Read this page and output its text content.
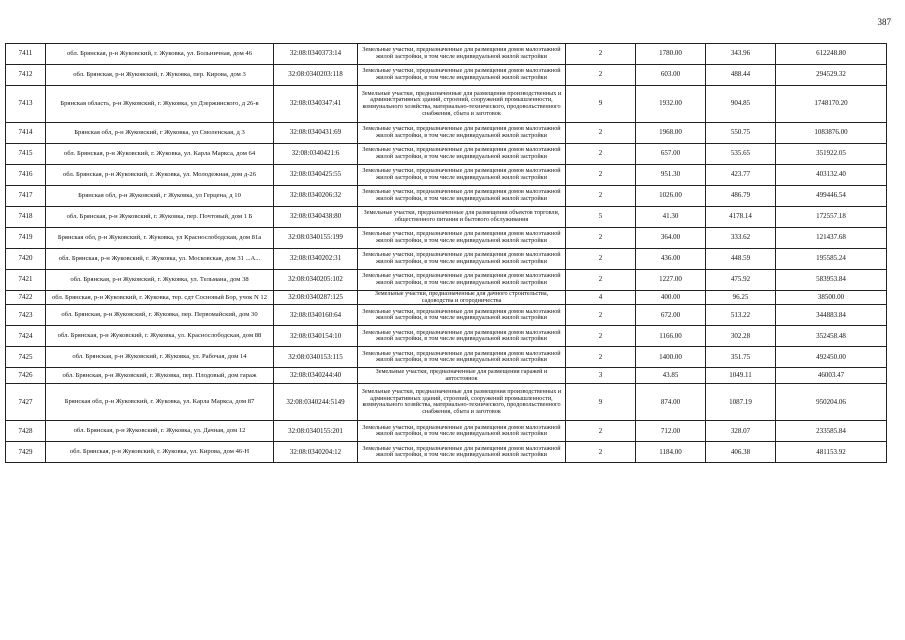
387
7411	обл. Брянская, р-н Жуковский, г. Жуковка, ул. Больничная, дом 46	32:08:0340373:14	Земельные участки, предназначенные для размещения домов малоэтажной жилой застройки, в том числе индивидуальной жилой застройки	2	1780.00	343.96	612248.80
7412	обл. Брянская, р-н Жуковский, г. Жуковка, пер. Кирова, дом 3	32:08:0340203:118	Земельные участки, предназначенные для размещения домов малоэтажной жилой застройки, в том числе индивидуальной жилой застройки	2	603.00	488.44	294529.32
7413	Брянская область, р-н Жуковский, г. Жуковка, ул Дзержинского, д 26-в	32:08:0340347:41	Земельные участки, предназначенные для размещения производственных и административных зданий, строений, сооружений промышленности, коммунального хозяйства, материально-технического, продовольственного снабжения, сбыта и заготовок	9	1932.00	904.85	1748170.20
7414	Брянская обл, р-н Жуковский, г Жуковка, ул Смоленская, д 3	32:08:0340431:69	Земельные участки, предназначенные для размещения домов малоэтажной жилой застройки, в том числе индивидуальной жилой застройки	2	1968.00	550.75	1083876.00
7415	обл. Брянская, р-н Жуковский, г. Жуковка, ул. Карла Маркса, дом 64	32:08:0340421:6	Земельные участки, предназначенные для размещения домов малоэтажной жилой застройки, в том числе индивидуальной жилой застройки	2	657.00	535.65	351922.05
7416	обл. Брянская, р-н Жуковский, г. Жуковка, ул. Молодежная, дом д-26	32:08:0340425:55	Земельные участки, предназначенные для размещения домов малоэтажной жилой застройки, в том числе индивидуальной жилой застройки	2	951.30	423.77	403132.40
7417	Брянская обл, р-н Жуковский, г Жуковка, ул Герцена, д 10	32:08:0340206:32	Земельные участки, предназначенные для размещения домов малоэтажной жилой застройки, в том числе индивидуальной жилой застройки	2	1026.00	486.79	499446.54
7418	обл. Брянская, р-н Жуковский, г. Жуковка, пер. Почтовый, дом 1 Б	32:08:0340438:80	Земельные участки, предназначенные для размещения объектов торговли, общественного питания и бытового обслуживания	5	41.30	4178.14	172557.18
7419	Брянская обл, р-н Жуковский, г. Жуковка, ул Краснослободская, дом 81а	32:08:0340155:199	Земельные участки, предназначенные для размещения домов малоэтажной жилой застройки, в том числе индивидуальной жилой застройки	2	364.00	333.62	121437.68
7420	обл. Брянская, р-н Жуковский, г. Жуковка, ул. Московская, дом 31 ...А...	32:08:0340202:31	Земельные участки, предназначенные для размещения домов малоэтажной жилой застройки, в том числе индивидуальной жилой застройки	2	436.00	448.59	195585.24
7421	обл. Брянская, р-н Жуковский, г. Жуковка, ул. Тельмана, дом 38	32:08:0340205:102	Земельные участки, предназначенные для размещения домов малоэтажной жилой застройки, в том числе индивидуальной жилой застройки	2	1227.00	475.92	583953.84
7422	обл. Брянская, р-н Жуковский, г. Жуковка, тер. сдт Сосновый Бор, учок N 12	32:08:0340287:125	Земельные участки, предназначенные для дачного строительства, садоводства и огородничества	4	400.00	96.25	38500.00
7423	обл. Брянская, р-н Жуковский, г. Жуковка, пер. Первомайский, дом 30	32:08:0340160:64	Земельные участки, предназначенные для размещения домов малоэтажной жилой застройки, в том числе индивидуальной жилой застройки	2	672.00	513.22	344883.84
7424	обл. Брянская, р-н Жуковский, г. Жуковка, ул. Краснослободская, дом 88	32:08:0340154:10	Земельные участки, предназначенные для размещения домов малоэтажной жилой застройки, в том числе индивидуальной жилой застройки	2	1166.00	302.28	352458.48
7425	обл. Брянская, р-н Жуковский, г. Жуковка, ул. Рабочая, дом 14	32:08:0340153:115	Земельные участки, предназначенные для размещения домов малоэтажной жилой застройки, в том числе индивидуальной жилой застройки	2	1400.00	351.75	492450.00
7426	обл. Брянская, р-н Жуковский, г. Жуковка, пер. Плодовый, дом гараж	32:08:0340244:40	Земельные участки, предназначенные для размещения гаражей и автостоянок	3	43.85	1049.11	46003.47
7427	Брянская обл, р-н Жуковский, г. Жуковка, ул. Карла Маркса, дом 87	32:08:0340244:5149	Земельные участки, предназначенные для размещения производственных и административных зданий, строений, сооружений промышленности, коммунального хозяйства, материально-технического, продовольственного снабжения, сбыта и заготовок	9	874.00	1087.19	950204.06
7428	обл. Брянская, р-н Жуковский, г. Жуковка, ул. Дачная, дом 12	32:08:0340155:201	Земельные участки, предназначенные для размещения домов малоэтажной жилой застройки, в том числе индивидуальной жилой застройки	2	712.00	328.07	233585.84
7429	обл. Брянская, р-н Жуковский, г. Жуковка, ул. Кирова, дом 46-Н	32:08:0340204:12	Земельные участки, предназначенные для размещения домов малоэтажной жилой застройки, в том числе индивидуальной жилой застройки	2	1184.00	406.38	481153.92
